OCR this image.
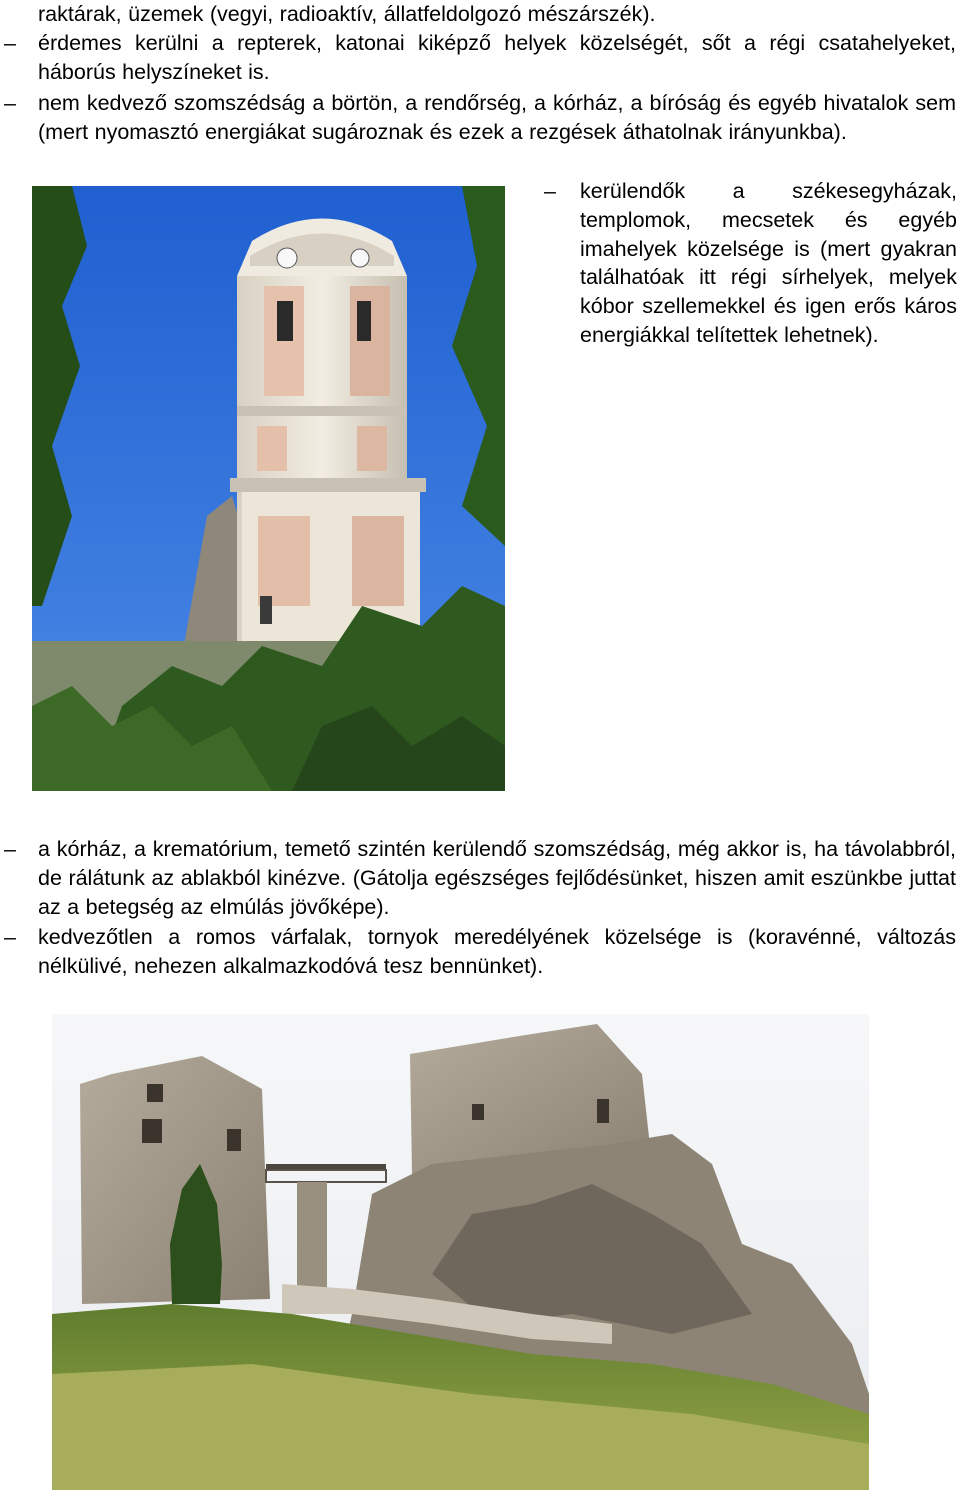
raktárak, üzemek (vegyi, radioaktív, állatfeldolgozó mészárszék).
– érdemes kerülni a repterek, katonai kiképző helyek közelségét, sőt a régi csatahelyeket, háborús helyszíneket is.
– nem kedvező szomszédság a börtön, a rendőrség, a kórház, a bíróság és egyéb hivatalok sem (mert nyomasztó energiákat sugároznak és ezek a rezgések áthatolnak irányunkba).
– kerülendők a székesegyházak, templomok, mecsetek és egyéb imahelyek közelsége is (mert gyakran találhatóak itt régi sírhelyek, melyek kóbor szellemekkel és igen erős káros energiákkal telítettek lehetnek).
– a kórház, a krematórium, temető szintén kerülendő szomszédság, még akkor is, ha távolabbról, de rálátunk az ablakból kinézve. (Gátolja egészséges fejlődésünket, hiszen amit eszünkbe juttat az a betegség az elmúlás jövőképe).
– kedvezőtlen a romos várfalak, tornyok meredélyének közelsége is (koravénné, változás nélkülivé, nehezen alkalmazkodóvá tesz bennünket).
